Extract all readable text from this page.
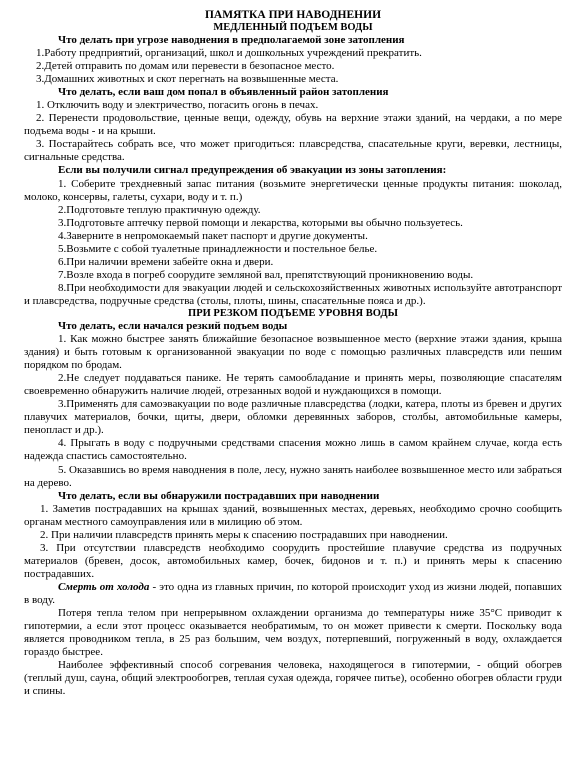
ПАМЯТКА ПРИ НАВОДНЕНИИ
МЕДЛЕННЫЙ ПОДЪЕМ ВОДЫ
Что делать при угрозе наводнения в предполагаемой зоне затопления
1.Работу предприятий, организаций, школ и дошкольных учреждений прекратить.
2.Детей отправить по домам или перевести в безопасное место.
3.Домашних животных и скот перегнать на возвышенные места.
Что делать, если ваш дом попал в объявленный район затопления
1. Отключить воду и электричество, погасить огонь в печах.
2. Перенести продовольствие, ценные вещи, одежду, обувь на верхние этажи зданий, на чердаки, а по мере подъема воды - и на крыши.
3. Постарайтесь собрать все, что может пригодиться: плавсредства, спасательные круги, веревки, лестницы, сигнальные средства.
Если вы получили сигнал предупреждения об эвакуации из зоны затопления:
1. Соберите трехдневный запас питания (возьмите энергетически ценные продукты питания: шоколад, молоко, консервы, галеты, сухари, воду и т. п.)
2.Подготовьте теплую практичную одежду.
3.Подготовьте аптечку первой помощи и лекарства, которыми вы обычно пользуетесь.
4.Заверните в непромокаемый пакет паспорт и другие документы.
5.Возьмите с собой туалетные принадлежности и постельное белье.
6.При наличии времени забейте окна и двери.
7.Возле входа в погреб соорудите земляной вал, препятствующий проникновению воды.
8.При необходимости для эвакуации людей и сельскохозяйственных животных используйте автотранспорт и плавсредства, подручные средства (столы, плоты, шины, спасательные пояса и др.).
ПРИ РЕЗКОМ ПОДЪЕМЕ УРОВНЯ ВОДЫ
Что делать, если начался резкий подъем воды
1. Как можно быстрее занять ближайшие безопасное возвышенное место (верхние этажи здания, крыша здания) и быть готовым к организованной эвакуации по воде с помощью различных плавсредств или пешим порядком по бродам.
2.Не следует поддаваться панике. Не терять самообладание и принять меры, позволяющие спасателям своевременно обнаружить наличие людей, отрезанных водой и нуждающихся в помощи.
3.Применять для самоэвакуации по воде различные плавсредства (лодки, катера, плоты из бревен и других плавучих материалов, бочки, щиты, двери, обломки деревянных заборов, столбы, автомобильные камеры, пенопласт и др.).
4. Прыгать в воду с подручными средствами спасения можно лишь в самом крайнем случае, когда есть надежда спастись самостоятельно.
5. Оказавшись во время наводнения в поле, лесу, нужно занять наиболее возвышенное место или забраться на дерево.
Что делать, если вы обнаружили пострадавших при наводнении
1. Заметив пострадавших на крышах зданий, возвышенных местах, деревьях, необходимо срочно сообщить органам местного самоуправления или в милицию об этом.
2. При наличии плавсредств принять меры к спасению пострадавших при наводнении.
3. При отсутствии плавсредств необходимо соорудить простейшие плавучие средства из подручных материалов (бревен, досок, автомобильных камер, бочек, бидонов и т. п.) и принять меры к спасению пострадавших.
Смерть от холода - это одна из главных причин, по которой происходит уход из жизни людей, попавших в воду.
Потеря тепла телом при непрерывном охлаждении организма до температуры ниже 35°С приводит к гипотермии, а если этот процесс оказывается необратимым, то он может привести к смерти. Поскольку вода является проводником тепла, в 25 раз большим, чем воздух, потерпевший, погруженный в воду, охлаждается гораздо быстрее.
Наиболее эффективный способ согревания человека, находящегося в гипотермии, - общий обогрев (теплый душ, сауна, общий электрообогрев, теплая сухая одежда, горячее питье), особенно обогрев области груди и спины.
